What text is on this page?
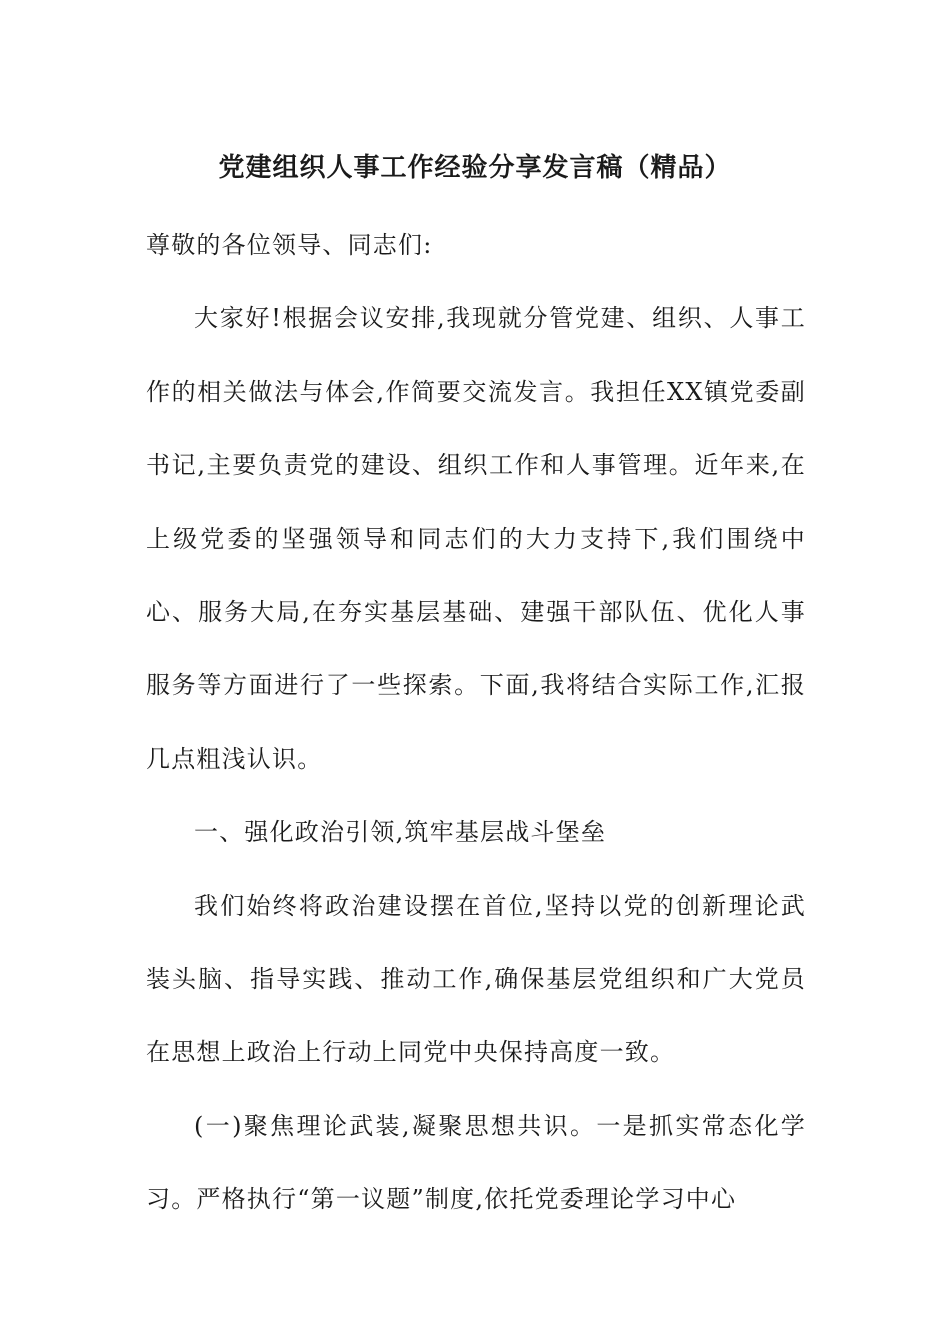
党建组织人事工作经验分享发言稿（精品）

尊敬的各位领导、同志们:

大家好!根据会议安排,我现就分管党建、组织、人事工作的相关做法与体会,作简要交流发言。我担任XX镇党委副书记,主要负责党的建设、组织工作和人事管理。近年来,在上级党委的坚强领导和同志们的大力支持下,我们围绕中心、服务大局,在夯实基层基础、建强干部队伍、优化人事服务等方面进行了一些探索。下面,我将结合实际工作,汇报几点粗浅认识。

一、强化政治引领,筑牢基层战斗堡垒

我们始终将政治建设摆在首位,坚持以党的创新理论武装头脑、指导实践、推动工作,确保基层党组织和广大党员在思想上政治上行动上同党中央保持高度一致。

(一)聚焦理论武装,凝聚思想共识。一是抓实常态化学习。严格执行“第一议题”制度,依托党委理论学习中心
